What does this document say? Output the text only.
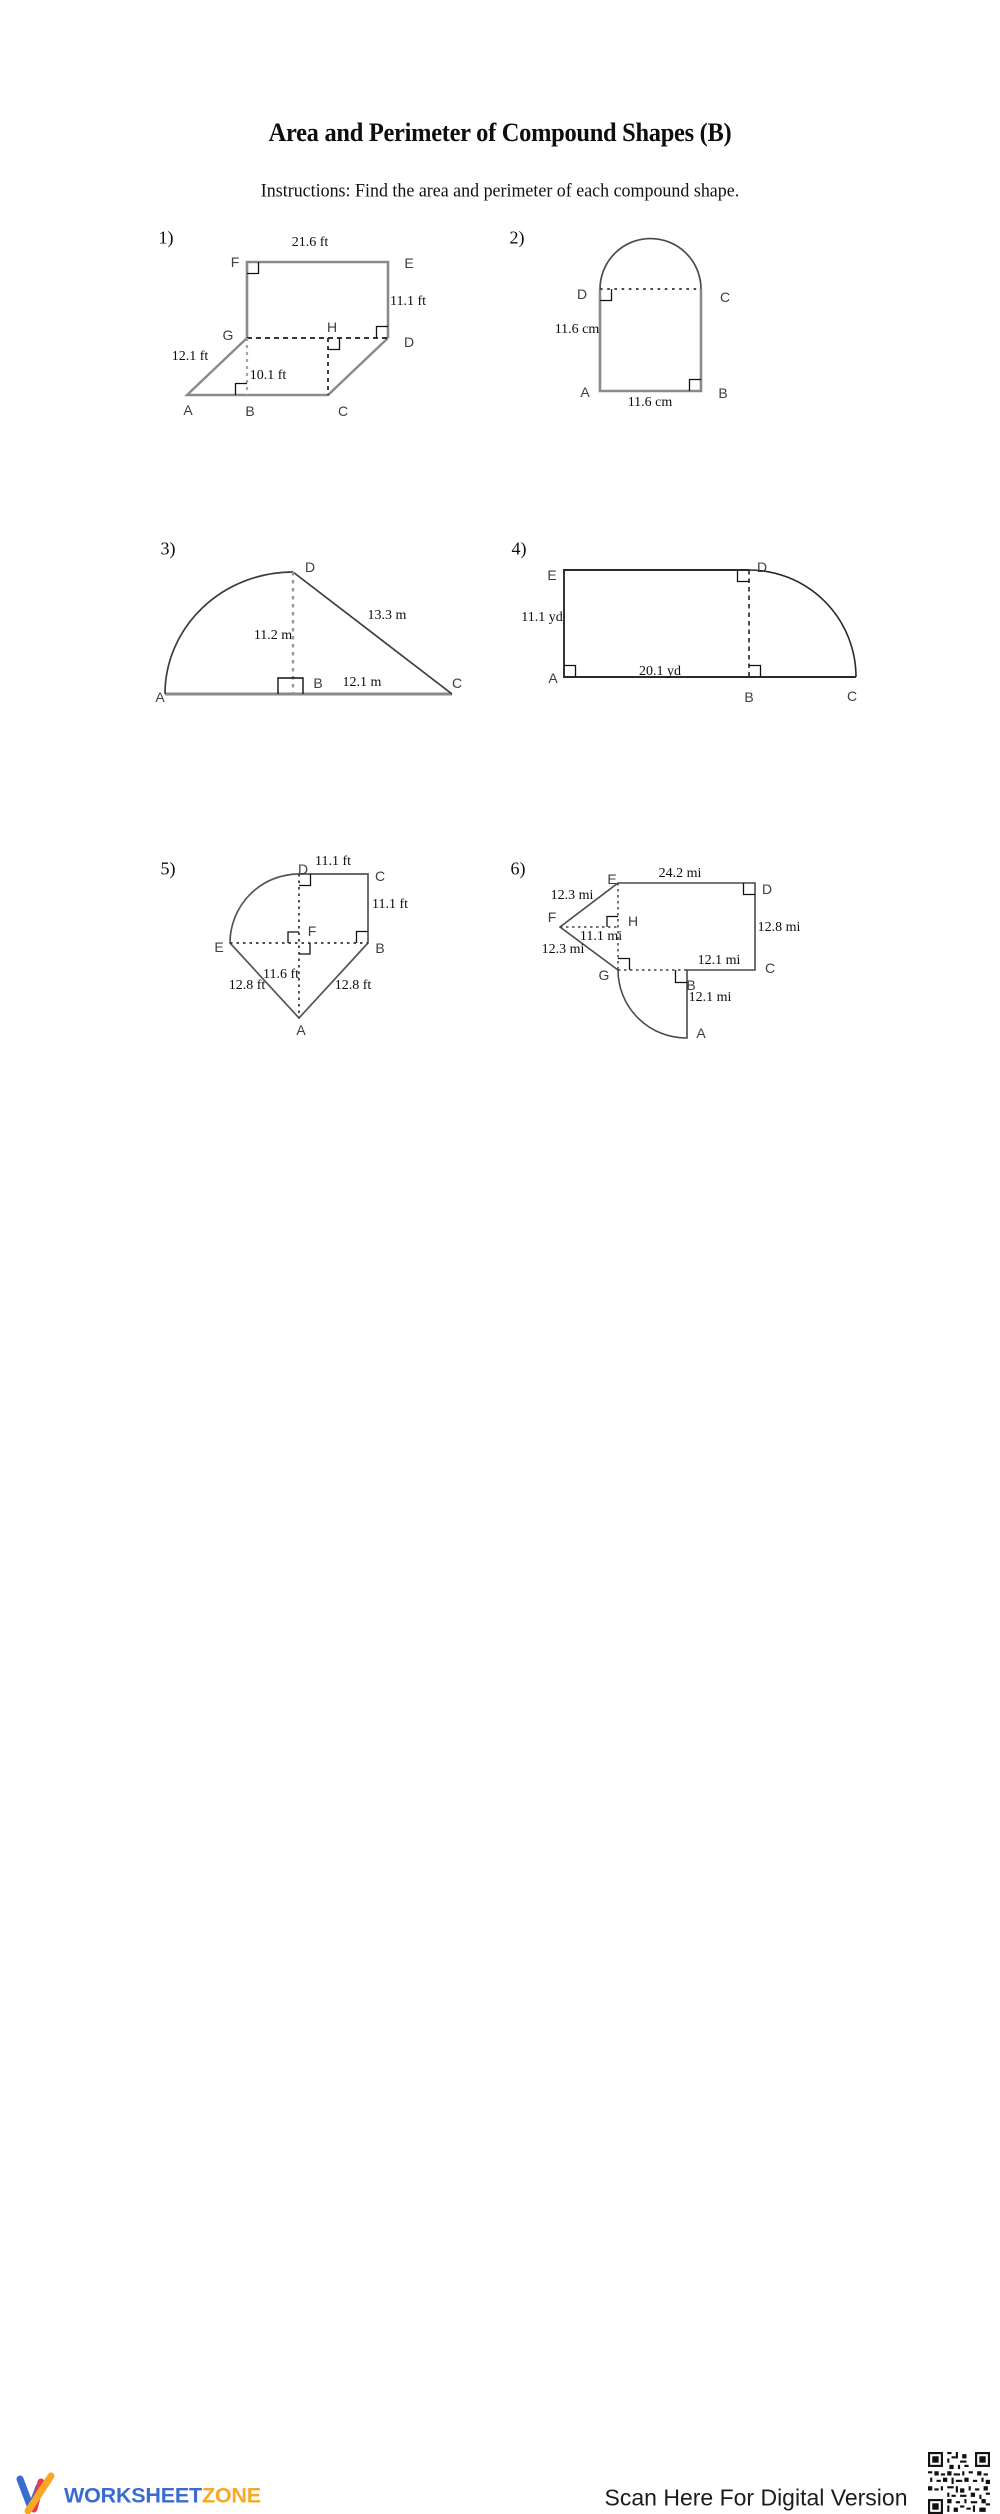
Area and Perimeter of Compound Shapes (B)
Instructions: Find the area and perimeter of each compound shape.
1)	21.6 ft
F	E
11.1 ft
G	H
D
12.1 ft
10.1 ft
A	B	C
2)
D	C
11.6 cm
A	B
11.6 cm
3)
D
13.3 m
11.2 m
B 12.1 m
A
C
4)
E	D
11.1 yd
20.1 yd
A
B	C
5)	D 11.1 ft
C
11.1 ft
E
F
B
11.6 ft
12.8 ft	12.8 ft
A
6)
E	24.2 mi
D
12.3 mi
F	H
11.1 mi
12.8 mi
12.3 mi
G
12.1 mi C
B
12.1 mi
A
WORKSHEETZONE	Scan Here For Digital Version
